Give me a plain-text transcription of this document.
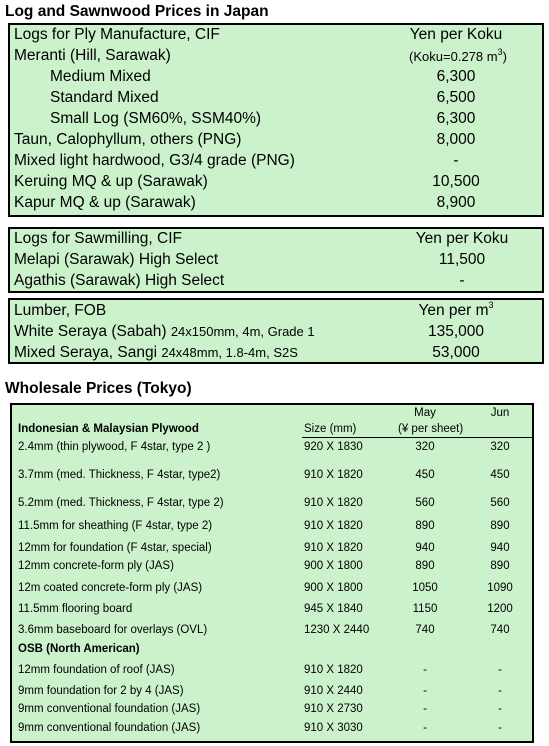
Log and Sawnwood Prices in Japan
Logs for Ply Manufacture, CIF	Yen per Koku
Meranti (Hill, Sarawak)	(Koku=0.278 $m^3$)
Medium Mixed	6,300
Standard Mixed	6,500
Small Log (SM60%, SSM40%)	6,300
Taun, Calophyllum, others (PNG)	8,000
Mixed light hardwood, G3/4 grade (PNG)	-
Keruing MQ & up (Sarawak)	10,500
Kapur MQ & up (Sarawak)	8,900
Logs for Sawmilling, CIF	Yen per Koku
Melapi (Sarawak) High Select	11,500
Agathis (Sarawak) High Select	-
Lumber, FOB	Yen per $m^3$
White Seraya (Sabah) 24x150mm, 4m, Grade 1	135,000
Mixed Seraya, Sangi 24x48mm, 1.8-4m, S2S	53,000
Wholesale Prices (Tokyo)
May	Jun
Indonesian & Malaysian Plywood	Size (mm)	(¥ per sheet)
2.4mm (thin plywood, F 4star, type 2 )	920 X 1830	320	320
3.7mm (med. Thickness, F 4star, type2)	910 X 1820	450	450
5.2mm (med. Thickness, F 4star, type 2)	910 X 1820	560	560
11.5mm for sheathing (F 4star, type 2)	910 X 1820	890	890
12mm for foundation (F 4star, special)	910 X 1820	940	940
12mm concrete-form ply (JAS)	900 X 1800	890	890
12m coated concrete-form ply (JAS)	900 X 1800	1050	1090
11.5mm flooring board	945 X 1840	1150	1200
3.6mm baseboard for overlays (OVL)	1230 X 2440	740	740
OSB (North American)
12mm foundation of roof (JAS)	910 X 1820	-	-
9mm foundation for 2 by 4 (JAS)	910 X 2440	-	-
9mm conventional foundation (JAS)	910 X 2730	-	-
9mm conventional foundation (JAS)	910 X 3030	-	-
